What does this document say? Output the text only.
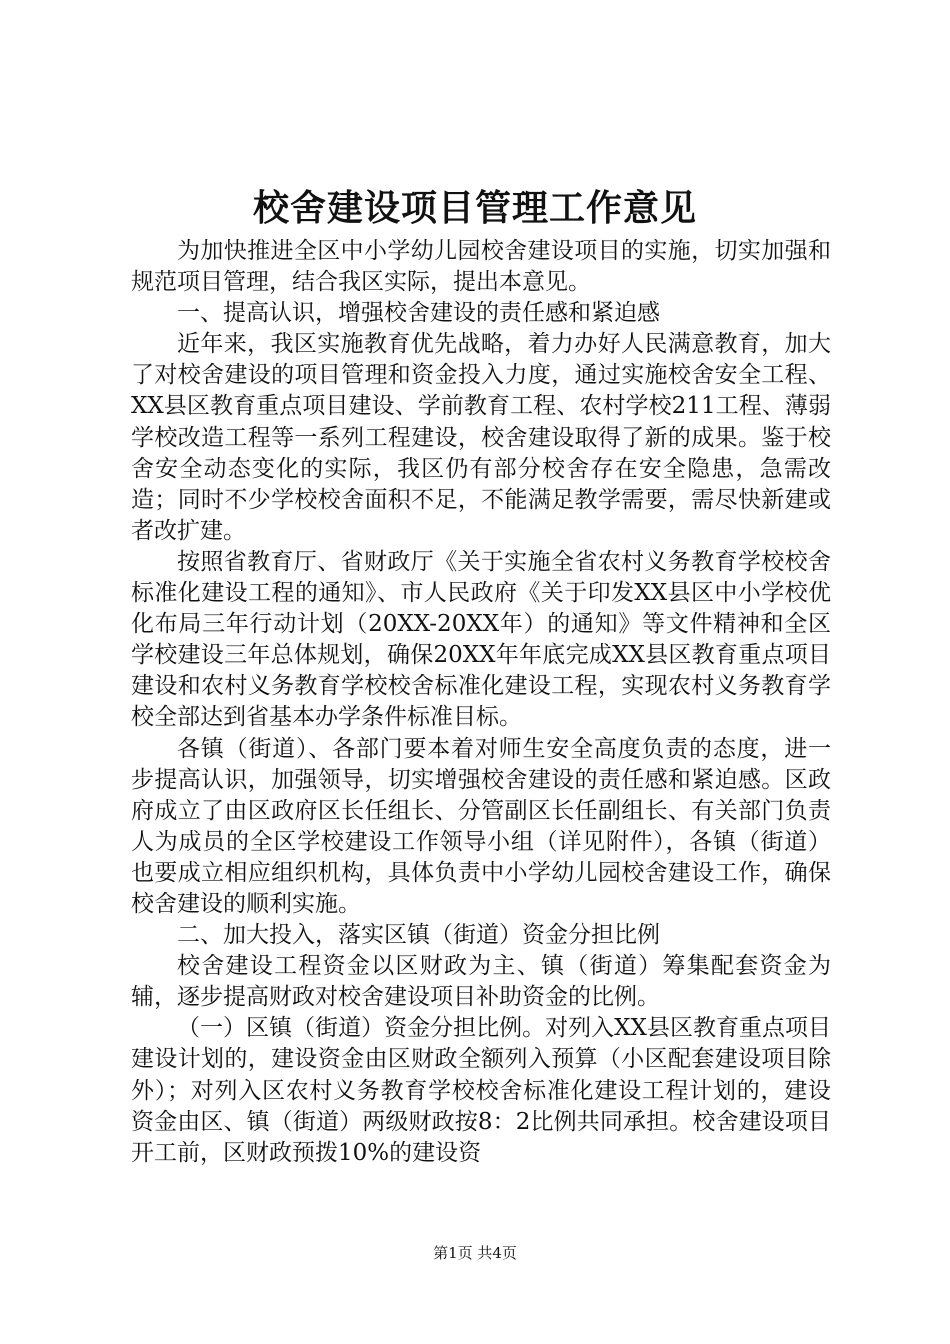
校舍建设项目管理工作意见

为加快推进全区中小学幼儿园校舍建设项目的实施，切实加强和规范项目管理，结合我区实际，提出本意见。

一、提高认识，增强校舍建设的责任感和紧迫感

近年来，我区实施教育优先战略，着力办好人民满意教育，加大了对校舍建设的项目管理和资金投入力度，通过实施校舍安全工程、XX县区教育重点项目建设、学前教育工程、农村学校211工程、薄弱学校改造工程等一系列工程建设，校舍建设取得了新的成果。鉴于校舍安全动态变化的实际，我区仍有部分校舍存在安全隐患，急需改造；同时不少学校校舍面积不足，不能满足教学需要，需尽快新建或者改扩建。

按照省教育厅、省财政厅《关于实施全省农村义务教育学校校舍标准化建设工程的通知》、市人民政府《关于印发XX县区中小学校优化布局三年行动计划（20XX-20XX年）的通知》等文件精神和全区学校建设三年总体规划，确保20XX年年底完成XX县区教育重点项目建设和农村义务教育学校校舍标准化建设工程，实现农村义务教育学校全部达到省基本办学条件标准目标。

各镇（街道）、各部门要本着对师生安全高度负责的态度，进一步提高认识，加强领导，切实增强校舍建设的责任感和紧迫感。区政府成立了由区政府区长任组长、分管副区长任副组长、有关部门负责人为成员的全区学校建设工作领导小组（详见附件），各镇（街道）也要成立相应组织机构，具体负责中小学幼儿园校舍建设工作，确保校舍建设的顺利实施。

二、加大投入，落实区镇（街道）资金分担比例

校舍建设工程资金以区财政为主、镇（街道）筹集配套资金为辅，逐步提高财政对校舍建设项目补助资金的比例。

（一）区镇（街道）资金分担比例。对列入XX县区教育重点项目建设计划的，建设资金由区财政全额列入预算（小区配套建设项目除外）；对列入区农村义务教育学校校舍标准化建设工程计划的，建设资金由区、镇（街道）两级财政按8：2比例共同承担。校舍建设项目开工前，区财政预拨10%的建设资

第1页 共4页
